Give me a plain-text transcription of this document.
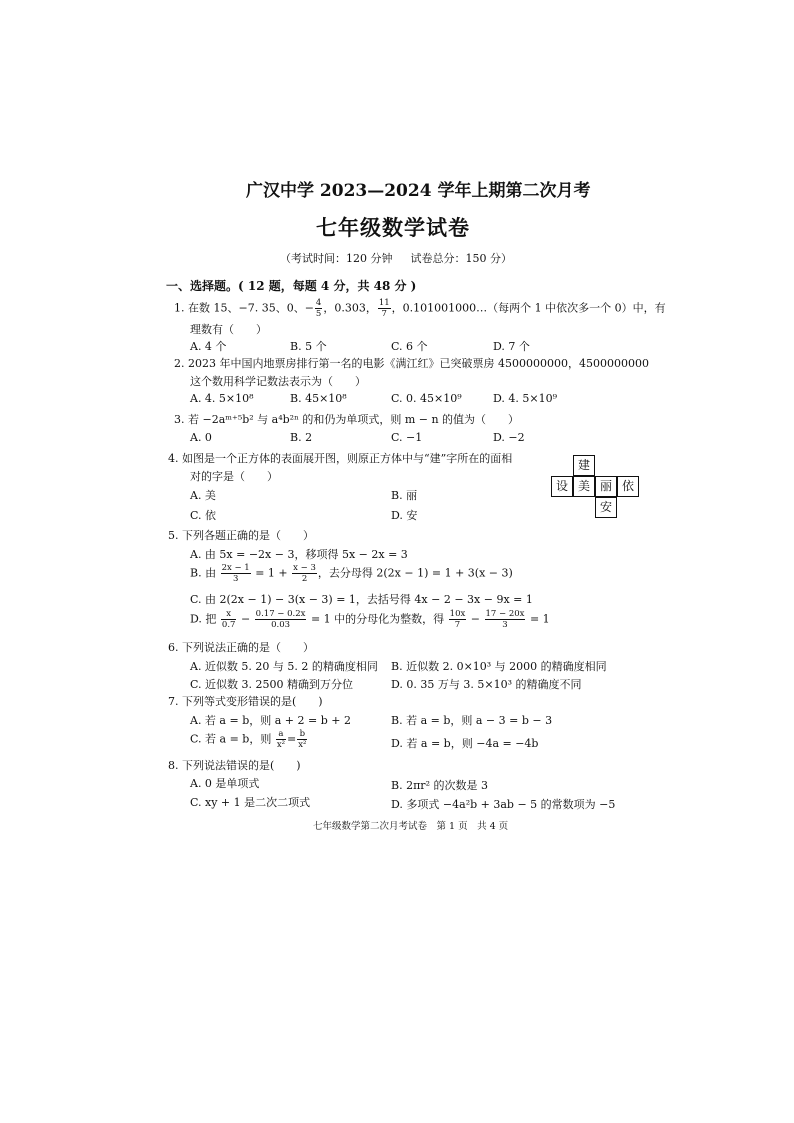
广汉中学 2023—2024 学年上期第二次月考
七年级数学试卷
（考试时间：120 分钟 　 试卷总分：150 分）
一、选择题。( 12 题，每题 4 分，共 48 分 )
1. 在数 15、−7. 35、0、− $\frac{4}{5}$ ，0.303， $\frac{11}{7}$ ，0.101001000…（每两个 1 中依次多一个 0）中，有
理数有（　　）
A. 4 个	B. 5 个	C. 6 个	D. 7 个
2. 2023 年中国内地票房排行第一名的电影《满江红》已突破票房 4500000000，4500000000
这个数用科学记数法表示为（　　）
A. 4. 5×10⁸	B. 45×10⁸	C. 0. 45×10⁹	D. 4. 5×10⁹
3. 若 −2aᵐ⁺⁵b² 与 a⁴b²ⁿ 的和仍为单项式，则 m − n 的值为（　　）
A. 0	B. 2	C. −1	D. −2
4. 如图是一个正方体的表面展开图，则原正方体中与“建”字所在的面相
对的字是（　　）
A. 美	B. 丽
C. 依	D. 安
建
设 美 丽 依
安
5. 下列各题正确的是（　　）
A. 由 5x = −2x − 3，移项得 5x − 2x = 3
B. 由 $\frac{2x - 1}{3} = 1 + \frac{x - 3}{2}$ ，去分母得 2(2x − 1) = 1 + 3(x − 3)
C. 由 2(2x − 1) − 3(x − 3) = 1，去括号得 4x − 2 − 3x − 9x = 1
D. 把 $\frac{x}{0.7} - \frac{0.17 - 0.2x}{0.03} = 1$ 中的分母化为整数，得 $\frac{10x}{7} - \frac{17 - 20x}{3} = 1$
6. 下列说法正确的是（　　）
A. 近似数 5. 20 与 5. 2 的精确度相同 B. 近似数 2. 0×10³ 与 2000 的精确度相同
C. 近似数 3. 2500 精确到万分位	D. 0. 35 万与 3. 5×10³ 的精确度不同
7. 下列等式变形错误的是(　　)
A. 若 a = b，则 a + 2 = b + 2	B. 若 a = b，则 a − 3 = b − 3
C. 若 a = b，则 $\frac{a}{\text{x²}} = \frac{b}{\text{x²}}$	D. 若 a = b，则 −4a = −4b
8. 下列说法错误的是(　　)
A. 0 是单项式	B. 2πr² 的次数是 3
C. xy + 1 是二次二项式	D. 多项式 −4a²b + 3ab − 5 的常数项为 −5
七年级数学第二次月考试卷　第 1 页　共 4 页
